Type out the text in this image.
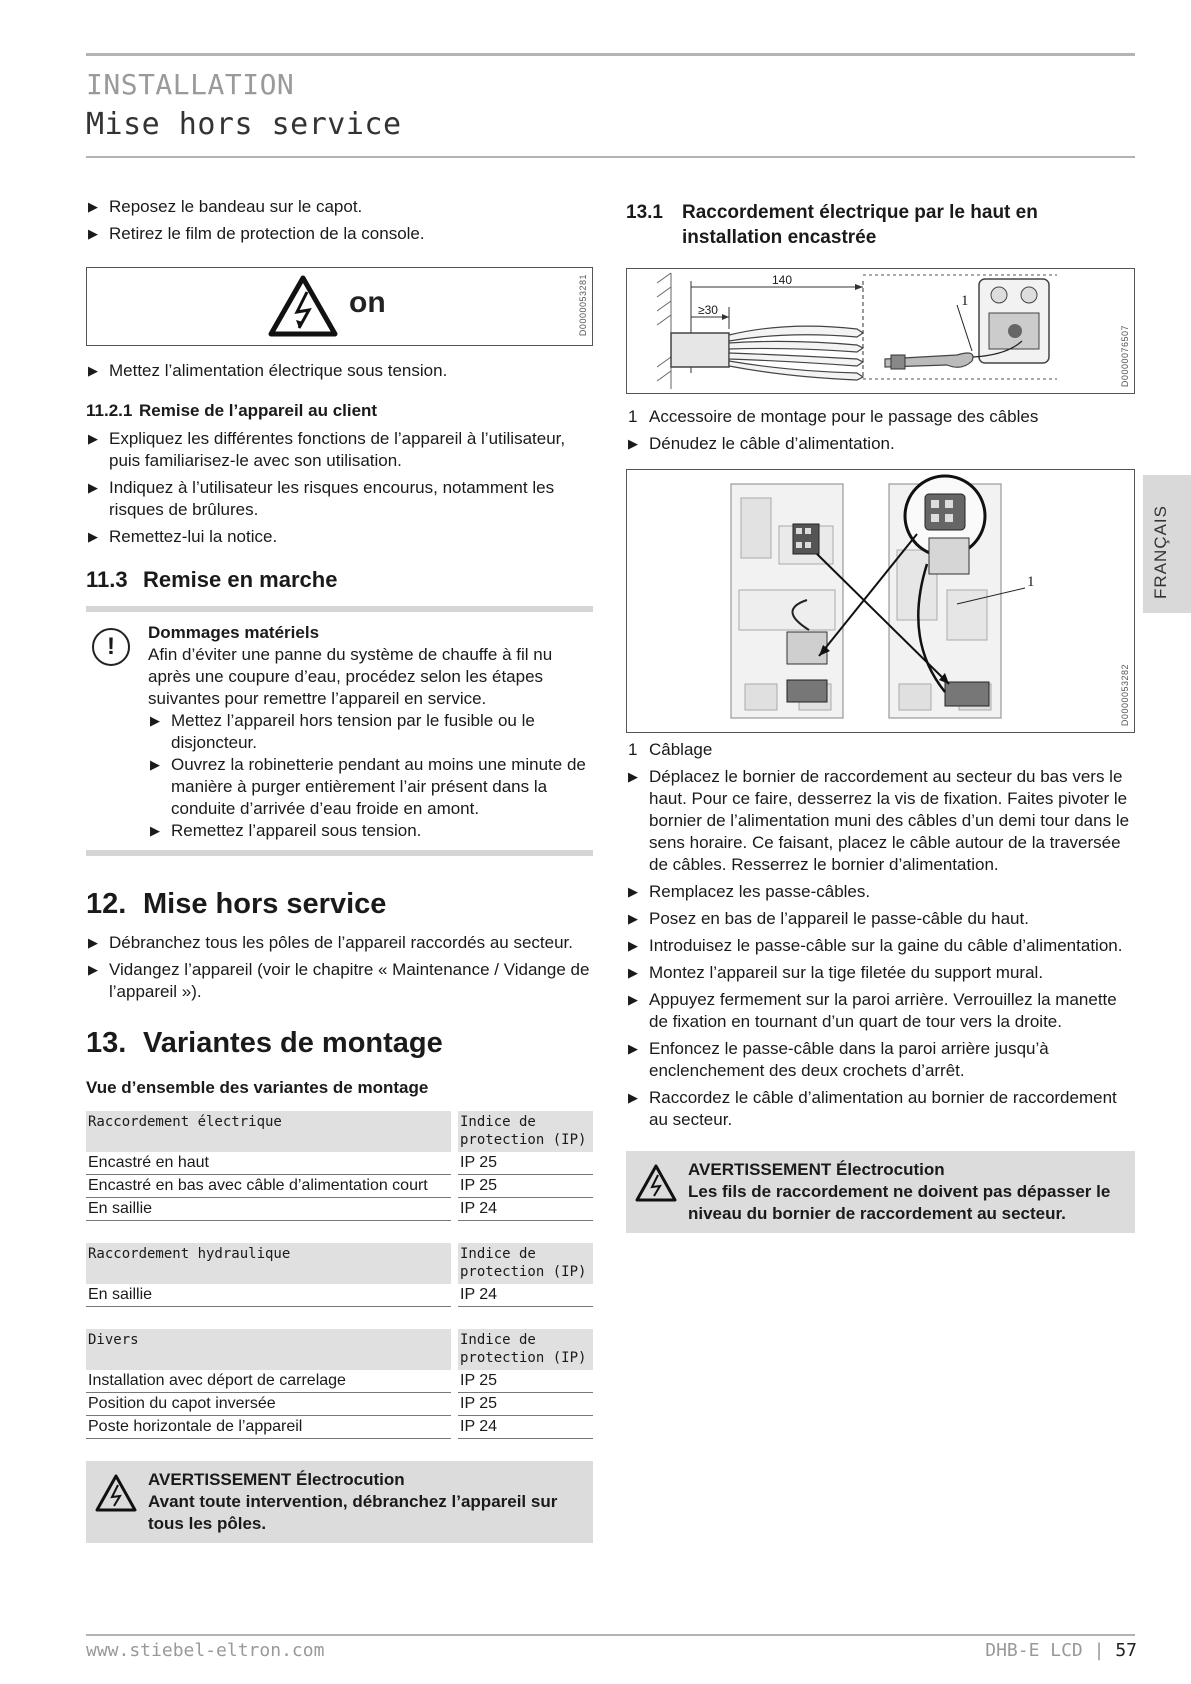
INSTALLATION
Mise hors service
▶ Reposez le bandeau sur le capot.
▶ Retirez le film de protection de la console.
on	D0000053281
▶ Mettez l’alimentation électrique sous tension.
11.2.1 Remise de l’appareil au client
▶ Expliquez les différentes fonctions de l’appareil à l’utilisateur, puis familiarisez-le avec son utilisation.
▶ Indiquez à l’utilisateur les risques encourus, notamment les risques de brûlures.
▶ Remettez-lui la notice.
11.3 Remise en marche
!
Dommages matériels
Afin d’éviter une panne du système de chauffe à fil nu après une coupure d’eau, procédez selon les étapes suivantes pour remettre l’appareil en service.
▶ Mettez l’appareil hors tension par le fusible ou le disjoncteur.
▶ Ouvrez la robinetterie pendant au moins une minute de manière à purger entièrement l’air présent dans la conduite d’arrivée d’eau froide en amont.
▶ Remettez l’appareil sous tension.
12. Mise hors service
▶ Débranchez tous les pôles de l’appareil raccordés au secteur.
▶ Vidangez l’appareil (voir le chapitre « Maintenance / Vidange de l’appareil »).
13. Variantes de montage
Vue d’ensemble des variantes de montage
Raccordement électrique		Indice de protection (IP)
Encastré en haut		IP 25
Encastré en bas avec câble d’alimentation court		IP 25
En saillie		IP 24
Raccordement hydraulique		Indice de protection (IP)
En saillie		IP 24
Divers		Indice de protection (IP)
Installation avec déport de carrelage		IP 25
Position du capot inversée		IP 25
Poste horizontale de l’appareil		IP 24
AVERTISSEMENT Électrocution
Avant toute intervention, débranchez l’appareil sur tous les pôles.
13.1 Raccordement électrique par le haut en installation encastrée
140
≥30
1
D0000076507
1 Accessoire de montage pour le passage des câbles
▶ Dénudez le câble d’alimentation.
1
D0000053282
1 Câblage
▶ Déplacez le bornier de raccordement au secteur du bas vers le haut. Pour ce faire, desserrez la vis de fixation. Faites pivoter le bornier de l’alimentation muni des câbles d’un demi tour dans le sens horaire. Ce faisant, placez le câble autour de la traversée de câbles. Resserrez le bornier d’alimentation.
▶ Remplacez les passe-câbles.
▶ Posez en bas de l’appareil le passe-câble du haut.
▶ Introduisez le passe-câble sur la gaine du câble d’alimentation.
▶ Montez l’appareil sur la tige filetée du support mural.
▶ Appuyez fermement sur la paroi arrière. Verrouillez la manette de fixation en tournant d’un quart de tour vers la droite.
▶ Enfoncez le passe-câble dans la paroi arrière jusqu’à enclenchement des deux crochets d’arrêt.
▶ Raccordez le câble d’alimentation au bornier de raccordement au secteur.
AVERTISSEMENT Électrocution
Les fils de raccordement ne doivent pas dépasser le niveau du bornier de raccordement au secteur.
FRANÇAIS
www.stiebel-eltron.com	DHB-E LCD | 57
